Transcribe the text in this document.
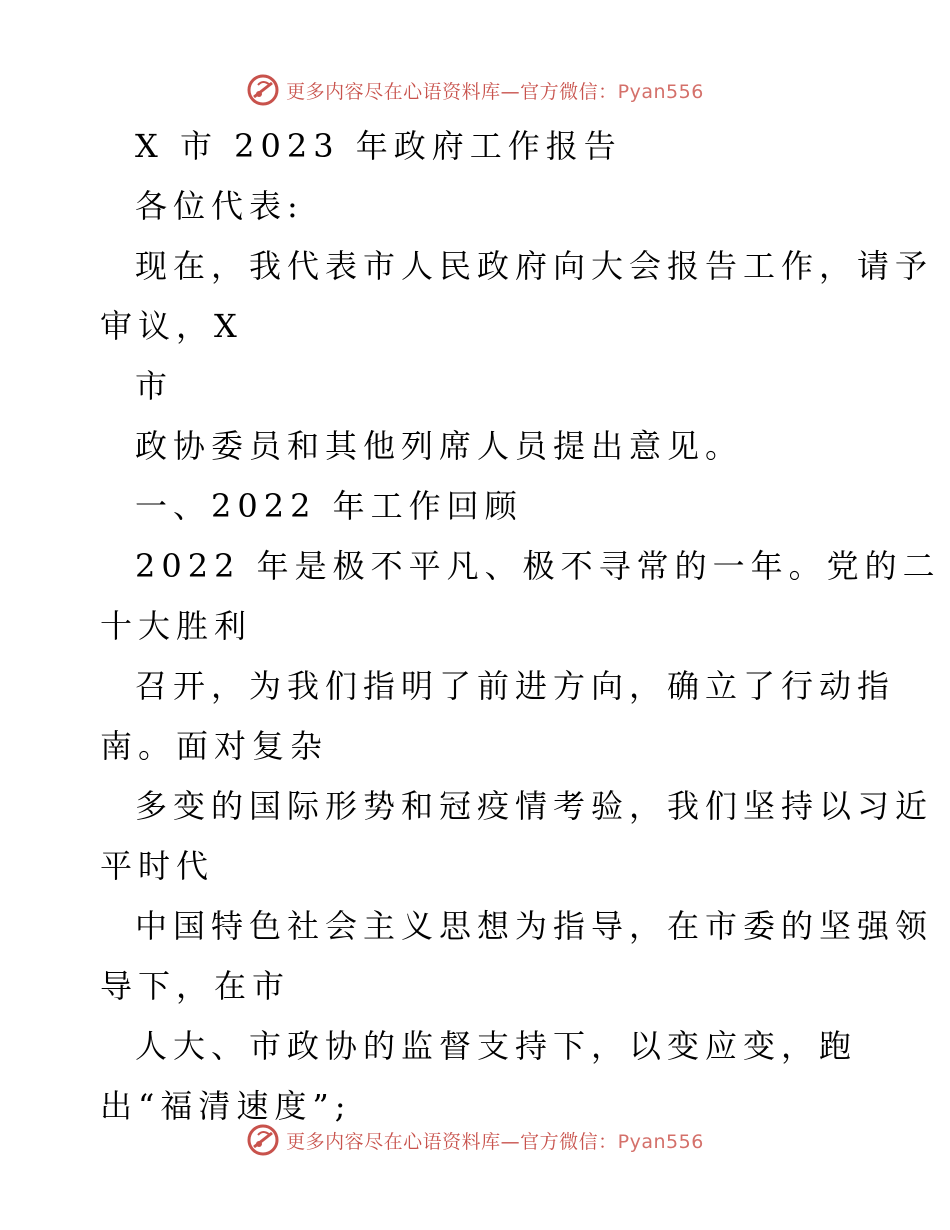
更多内容尽在心语资料库—官方微信：Pyan556
X 市 2023 年政府工作报告
各位代表:
现在，我代表市人民政府向大会报告工作，请予
审议，X
市
政协委员和其他列席人员提出意见。
一、2022 年工作回顾
2022 年是极不平凡、极不寻常的一年。党的二
十大胜利
召开，为我们指明了前进方向，确立了行动指
南。面对复杂
多变的国际形势和冠疫情考验，我们坚持以习近
平时代
中国特色社会主义思想为指导，在市委的坚强领
导下，在市
人大、市政协的监督支持下，以变应变，跑
出“福清速度”;
更多内容尽在心语资料库—官方微信：Pyan556
